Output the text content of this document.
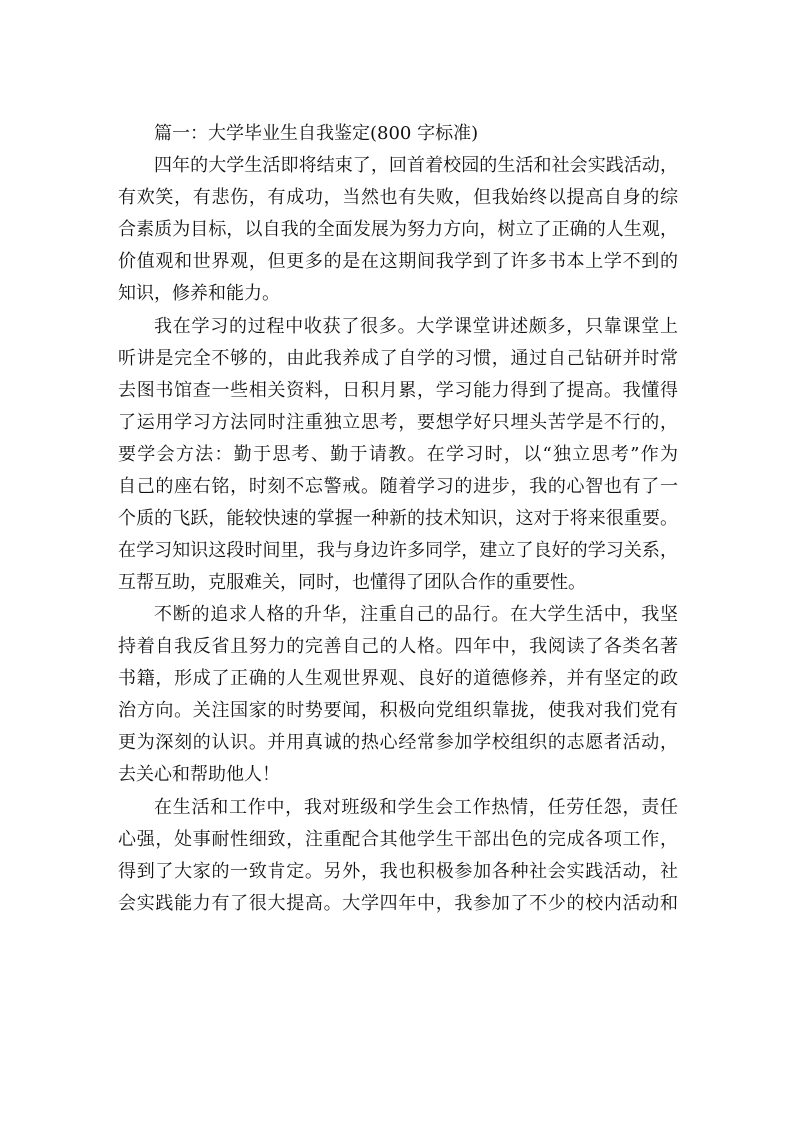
篇一：大学毕业生自我鉴定(800 字标准)
四年的大学生活即将结束了，回首着校园的生活和社会实践活动，
有欢笑，有悲伤，有成功，当然也有失败，但我始终以提高自身的综
合素质为目标，以自我的全面发展为努力方向，树立了正确的人生观，
价值观和世界观，但更多的是在这期间我学到了许多书本上学不到的
知识，修养和能力。
我在学习的过程中收获了很多。大学课堂讲述颇多，只靠课堂上
听讲是完全不够的，由此我养成了自学的习惯，通过自己钻研并时常
去图书馆查一些相关资料，日积月累，学习能力得到了提高。我懂得
了运用学习方法同时注重独立思考，要想学好只埋头苦学是不行的，
要学会方法：勤于思考、勤于请教。在学习时，以“独立思考”作为
自己的座右铭，时刻不忘警戒。随着学习的进步，我的心智也有了一
个质的飞跃，能较快速的掌握一种新的技术知识，这对于将来很重要。
在学习知识这段时间里，我与身边许多同学，建立了良好的学习关系，
互帮互助，克服难关，同时，也懂得了团队合作的重要性。
不断的追求人格的升华，注重自己的品行。在大学生活中，我坚
持着自我反省且努力的完善自己的人格。四年中，我阅读了各类名著
书籍，形成了正确的人生观世界观、良好的道德修养，并有坚定的政
治方向。关注国家的时势要闻，积极向党组织靠拢，使我对我们党有
更为深刻的认识。并用真诚的热心经常参加学校组织的志愿者活动，
去关心和帮助他人！
在生活和工作中，我对班级和学生会工作热情，任劳任怨，责任
心强，处事耐性细致，注重配合其他学生干部出色的完成各项工作，
得到了大家的一致肯定。另外，我也积极参加各种社会实践活动，社
会实践能力有了很大提高。大学四年中，我参加了不少的校内活动和
